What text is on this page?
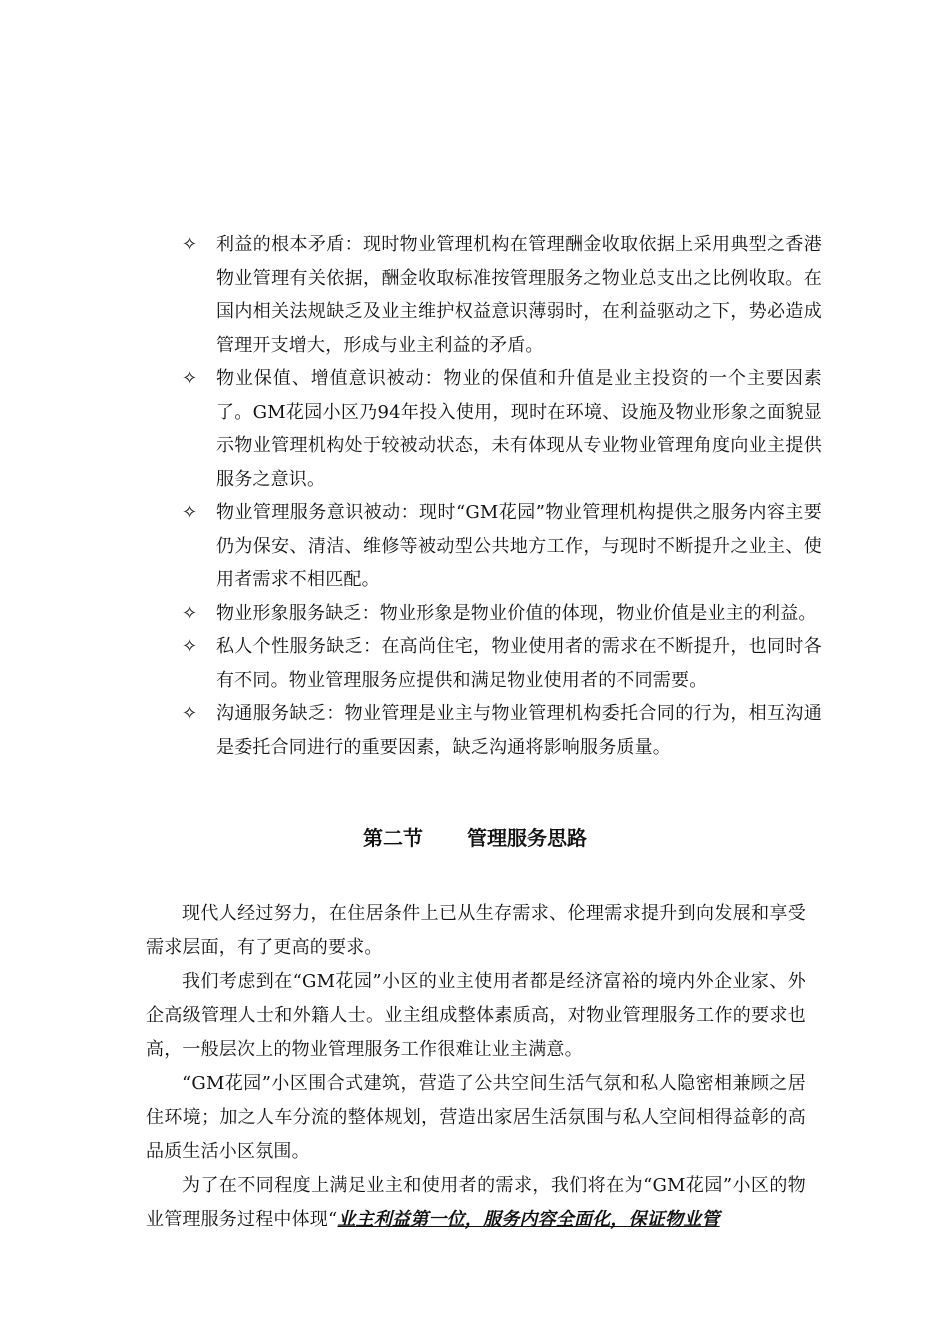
✧	利益的根本矛盾：现时物业管理机构在管理酬金收取依据上采用典型之香港物业管理有关依据，酬金收取标准按管理服务之物业总支出之比例收取。在国内相关法规缺乏及业主维护权益意识薄弱时，在利益驱动之下，势必造成管理开支增大，形成与业主利益的矛盾。
✧	物业保值、增值意识被动：物业的保值和升值是业主投资的一个主要因素了。GM花园小区乃94年投入使用，现时在环境、设施及物业形象之面貌显示物业管理机构处于较被动状态，未有体现从专业物业管理角度向业主提供服务之意识。
✧	物业管理服务意识被动：现时“GM花园”物业管理机构提供之服务内容主要仍为保安、清洁、维修等被动型公共地方工作，与现时不断提升之业主、使用者需求不相匹配。
✧	物业形象服务缺乏：物业形象是物业价值的体现，物业价值是业主的利益。
✧	私人个性服务缺乏：在高尚住宅，物业使用者的需求在不断提升，也同时各有不同。物业管理服务应提供和满足物业使用者的不同需要。
✧	沟通服务缺乏：物业管理是业主与物业管理机构委托合同的行为，相互沟通是委托合同进行的重要因素，缺乏沟通将影响服务质量。
第二节 管理服务思路

现代人经过努力，在住居条件上已从生存需求、伦理需求提升到向发展和享受需求层面，有了更高的要求。

我们考虑到在“GM花园”小区的业主使用者都是经济富裕的境内外企业家、外企高级管理人士和外籍人士。业主组成整体素质高，对物业管理服务工作的要求也高，一般层次上的物业管理服务工作很难让业主满意。

“GM花园”小区围合式建筑，营造了公共空间生活气氛和私人隐密相兼顾之居住环境；加之人车分流的整体规划，营造出家居生活氛围与私人空间相得益彰的高品质生活小区氛围。

为了在不同程度上满足业主和使用者的需求，我们将在为“GM花园”小区的物业管理服务过程中体现“业主利益第一位，服务内容全面化，保证物业管
